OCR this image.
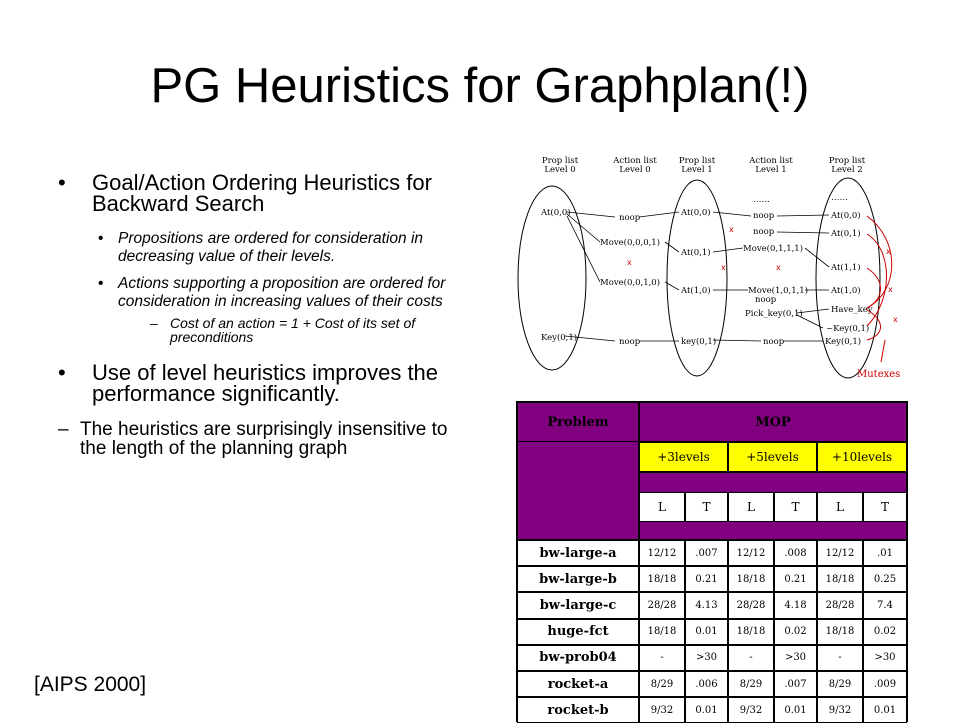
PG Heuristics for Graphplan(!)
• Goal/Action Ordering Heuristics for Backward Search
• Propositions are ordered for consideration in decreasing value of their levels.
• Actions supporting a proposition are ordered for consideration in increasing values of their costs
– Cost of an action = 1 + Cost of its set of preconditions
• Use of level heuristics improves the performance significantly.
– The heuristics are surprisingly insensitive to the length of the planning graph
[AIPS 2000]
Prop list Level 0
Action list Level 0
Prop list Level 1
Action list Level 1
Prop list Level 2
At(0,0)
Key(0,1)
noop
Move(0,0,0,1)
Move(0,0,1,0)
noop
At(0,0)
At(0,1)
At(1,0)
key(0,1)
……
noop
noop
Move(0,1,1,1)
Move(1,0,1,1)
noop
Pick_key(0,1)
noop
……
At(0,0)
At(0,1)
At(1,1)
At(1,0)
Have_key
~Key(0,1)
Key(0,1)
x
x
x	x
x
x
x
Mutexes
Problem	MOP
+3levels	+5levels	+10levels
L	T	L	T	L	T
bw-large-a	12/12 .007 12/12 .008 12/12 .01
bw-large-b	18/18 0.21 18/18 0.21 18/18 0.25
bw-large-c	28/28 4.13 28/28 4.18 28/28 7.4
huge-fct	18/18 0.01 18/18 0.02 18/18 0.02
bw-prob04	-	>30	-	>30	-	>30
rocket-a	8/29 .006 8/29 .007 8/29 .009
rocket-b	9/32 0.01 9/32 0.01 9/32 0.01
